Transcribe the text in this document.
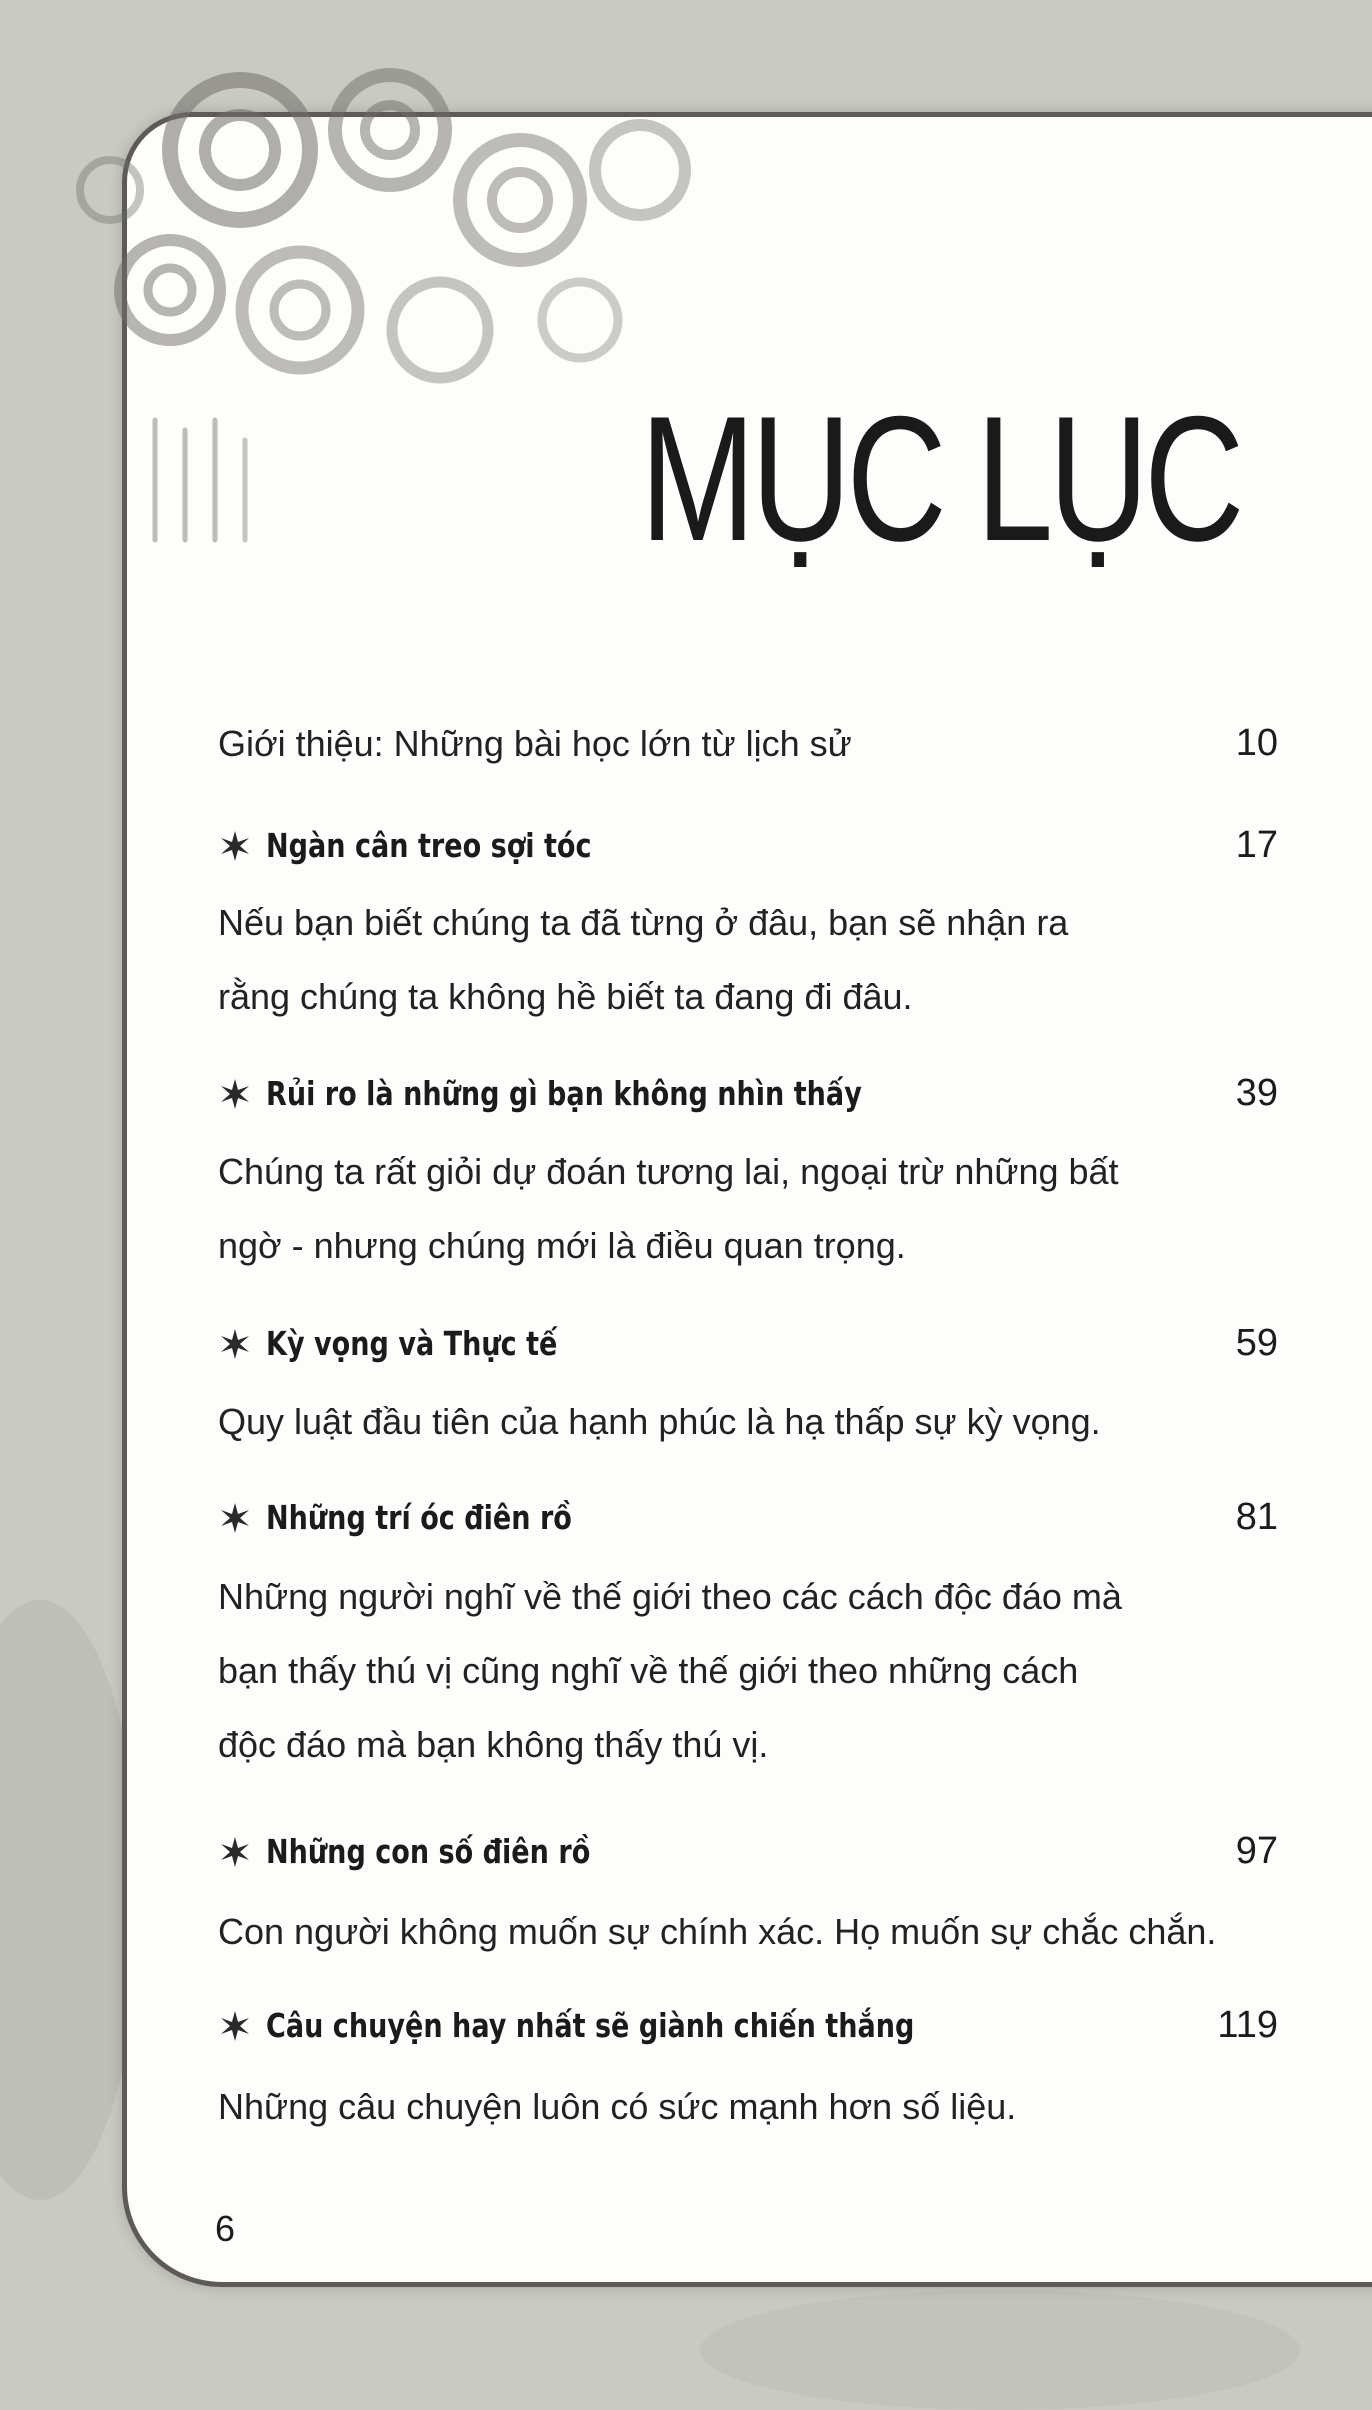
MỤC LỤC
Giới thiệu: Những bài học lớn từ lịch sử	10
Ngàn cân treo sợi tóc	17
Nếu bạn biết chúng ta đã từng ở đâu, bạn sẽ nhận ra
rằng chúng ta không hề biết ta đang đi đâu.
Rủi ro là những gì bạn không nhìn thấy	39
Chúng ta rất giỏi dự đoán tương lai, ngoại trừ những bất
ngờ - nhưng chúng mới là điều quan trọng.
Kỳ vọng và Thực tế	59
Quy luật đầu tiên của hạnh phúc là hạ thấp sự kỳ vọng.
Những trí óc điên rồ	81
Những người nghĩ về thế giới theo các cách độc đáo mà
bạn thấy thú vị cũng nghĩ về thế giới theo những cách
độc đáo mà bạn không thấy thú vị.
Những con số điên rồ	97
Con người không muốn sự chính xác. Họ muốn sự chắc chắn.
Câu chuyện hay nhất sẽ giành chiến thắng	119
Những câu chuyện luôn có sức mạnh hơn số liệu.
6
